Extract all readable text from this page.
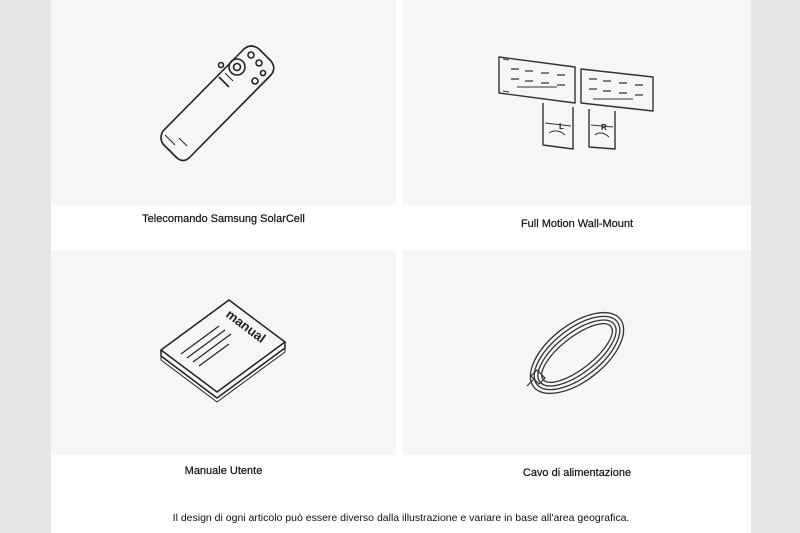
Telecomando Samsung SolarCell
L	R
Full Motion Wall-Mount
manual
Manuale Utente	Cavo di alimentazione
Il design di ogni articolo può essere diverso dalla illustrazione e variare in base all'area geografica.
